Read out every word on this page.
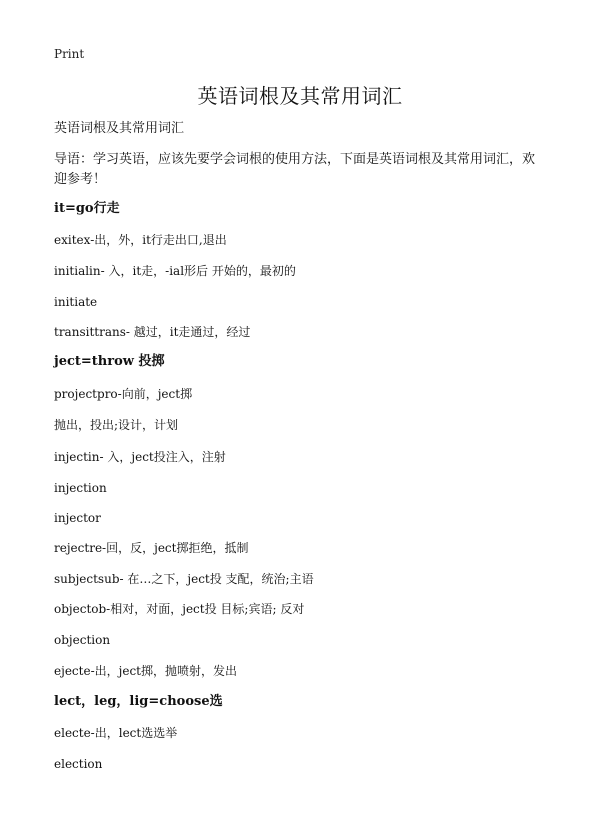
Print
英语词根及其常用词汇
英语词根及其常用词汇
导语：学习英语，应该先要学会词根的使用方法，下面是英语词根及其常用词汇，欢迎参考！
it=go行走
exitex-出，外，it行走出口,退出
initialin- 入，it走，-ial形后 开始的，最初的
initiate
transittrans- 越过，it走通过，经过
ject=throw 投掷
projectpro-向前，ject掷
抛出，投出;设计，计划
injectin- 入，ject投注入，注射
injection
injector
rejectre-回，反，ject掷拒绝，抵制
subjectsub- 在…之下，ject投 支配，统治;主语
objectob-相对，对面，ject投 目标;宾语; 反对
objection
ejecte-出，ject掷，抛喷射，发出
lect，leg，lig=choose选
electe-出，lect选选举
election
